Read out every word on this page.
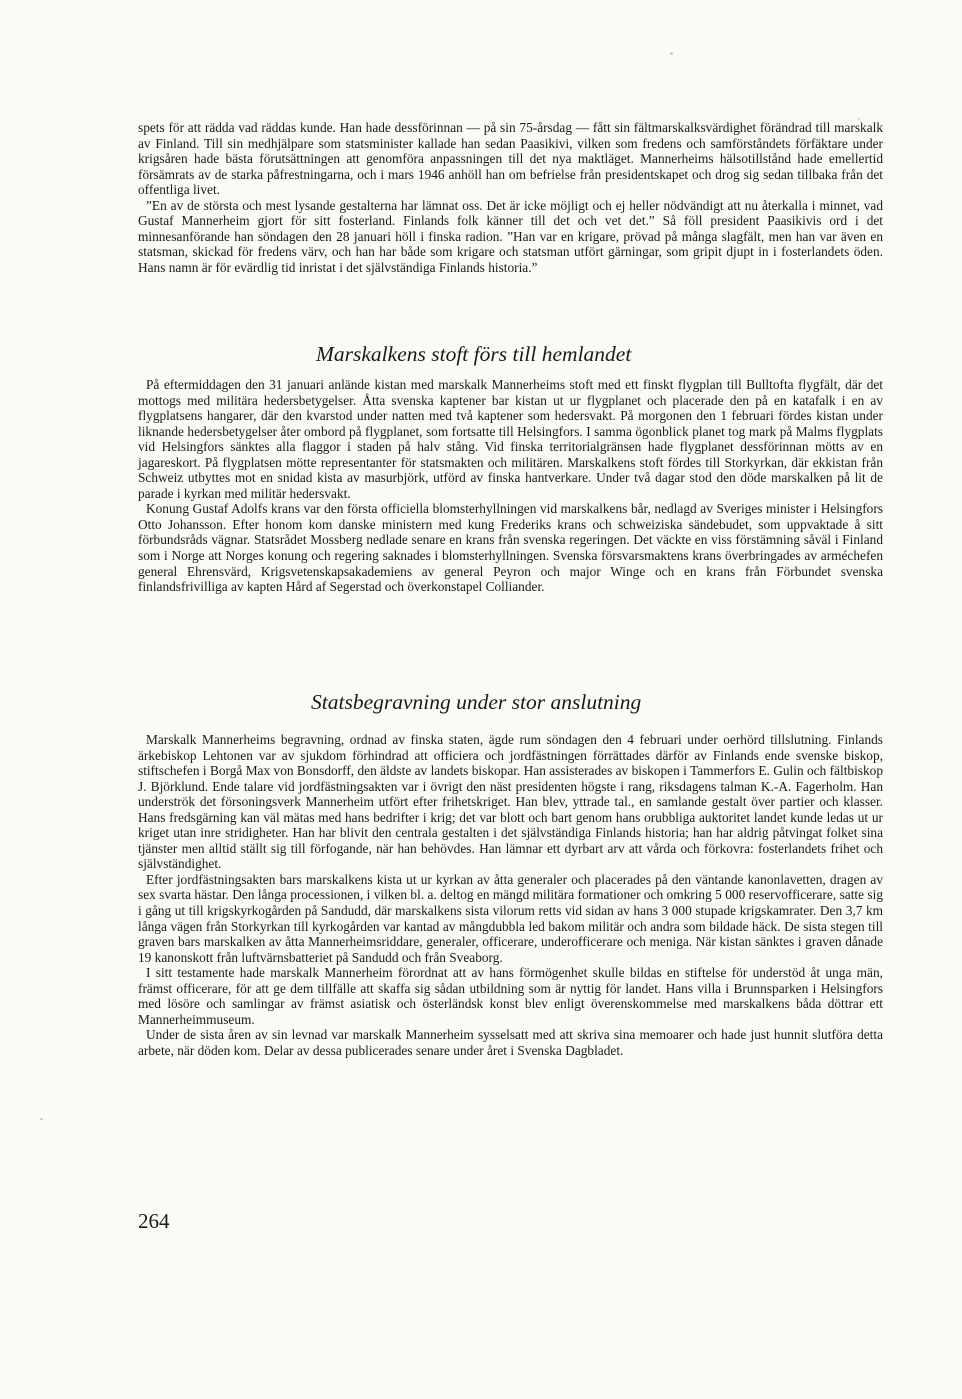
spets för att rädda vad räddas kunde. Han hade dessförinnan — på sin 75-årsdag — fått sin fältmarskalksvärdighet förändrad till marskalk av Finland. Till sin medhjälpare som statsminister kallade han sedan Paasikivi, vilken som fredens och samförståndets förfäktare under krigsåren hade bästa förutsättningen att genomföra anpassningen till det nya maktläget. Mannerheims hälsotillstånd hade emellertid försämrats av de starka påfrestningarna, och i mars 1946 anhöll han om befrielse från presidentskapet och drog sig sedan tillbaka från det offentliga livet.

”En av de största och mest lysande gestalterna har lämnat oss. Det är icke möjligt och ej heller nödvändigt att nu återkalla i minnet, vad Gustaf Mannerheim gjort för sitt fosterland. Finlands folk känner till det och vet det.” Så föll president Paasikivis ord i det minnesanförande han söndagen den 28 januari höll i finska radion. ”Han var en krigare, prövad på många slagfält, men han var även en statsman, skickad för fredens värv, och han har både som krigare och statsman utfört gärningar, som gripit djupt in i fosterlandets öden. Hans namn är för evärdlig tid inristat i det självständiga Finlands historia.”

Marskalkens stoft förs till hemlandet

På eftermiddagen den 31 januari anlände kistan med marskalk Mannerheims stoft med ett finskt flygplan till Bulltofta flygfält, där det mottogs med militära hedersbetygelser. Åtta svenska kaptener bar kistan ut ur flygplanet och placerade den på en katafalk i en av flygplatsens hangarer, där den kvarstod under natten med två kaptener som hedersvakt. På morgonen den 1 februari fördes kistan under liknande hedersbetygelser åter ombord på flygplanet, som fortsatte till Helsingfors. I samma ögonblick planet tog mark på Malms flygplats vid Helsingfors sänktes alla flaggor i staden på halv stång. Vid finska territorialgränsen hade flygplanet dessförinnan mötts av en jagareskort. På flygplatsen mötte representanter för statsmakten och militären. Marskalkens stoft fördes till Storkyrkan, där ekkistan från Schweiz utbyttes mot en snidad kista av masurbjörk, utförd av finska hantverkare. Under två dagar stod den döde marskalken på lit de parade i kyrkan med militär hedersvakt.

Konung Gustaf Adolfs krans var den första officiella blomsterhyllningen vid marskalkens bår, nedlagd av Sveriges minister i Helsingfors Otto Johansson. Efter honom kom danske ministern med kung Frederiks krans och schweiziska sändebudet, som uppvaktade å sitt förbundsråds vägnar. Statsrådet Mossberg nedlade senare en krans från svenska regeringen. Det väckte en viss förstämning såväl i Finland som i Norge att Norges konung och regering saknades i blomsterhyllningen. Svenska försvarsmaktens krans överbringades av arméchefen general Ehrensvärd, Krigsvetenskapsakademiens av general Peyron och major Winge och en krans från Förbundet svenska finlandsfrivilliga av kapten Hård af Segerstad och överkonstapel Colliander.

Statsbegravning under stor anslutning

Marskalk Mannerheims begravning, ordnad av finska staten, ägde rum söndagen den 4 februari under oerhörd tillslutning. Finlands ärkebiskop Lehtonen var av sjukdom förhindrad att officiera och jordfästningen förrättades därför av Finlands ende svenske biskop, stiftschefen i Borgå Max von Bonsdorff, den äldste av landets biskopar. Han assisterades av biskopen i Tammerfors E. Gulin och fältbiskop J. Björklund. Ende talare vid jordfästningsakten var i övrigt den näst presidenten högste i rang, riksdagens talman K.-A. Fagerholm. Han underströk det försoningsverk Mannerheim utfört efter frihetskriget. Han blev, yttrade tal., en samlande gestalt över partier och klasser. Hans fredsgärning kan väl mätas med hans bedrifter i krig; det var blott och bart genom hans orubbliga auktoritet landet kunde ledas ut ur kriget utan inre stridigheter. Han har blivit den centrala gestalten i det självständiga Finlands historia; han har aldrig påtvingat folket sina tjänster men alltid ställt sig till förfogande, när han behövdes. Han lämnar ett dyrbart arv att vårda och förkovra: fosterlandets frihet och självständighet.

Efter jordfästningsakten bars marskalkens kista ut ur kyrkan av åtta generaler och placerades på den väntande kanonlavetten, dragen av sex svarta hästar. Den långa processionen, i vilken bl. a. deltog en mängd militära formationer och omkring 5 000 reservofficerare, satte sig i gång ut till krigskyrkogården på Sandudd, där marskalkens sista vilorum retts vid sidan av hans 3 000 stupade krigskamrater. Den 3,7 km långa vägen från Storkyrkan till kyrkogården var kantad av mångdubbla led bakom militär och andra som bildade häck. De sista stegen till graven bars marskalken av åtta Mannerheimsriddare, generaler, officerare, underofficerare och meniga. När kistan sänktes i graven dånade 19 kanonskott från luftvärnsbatteriet på Sandudd och från Sveaborg.

I sitt testamente hade marskalk Mannerheim förordnat att av hans förmögenhet skulle bildas en stiftelse för understöd åt unga män, främst officerare, för att ge dem tillfälle att skaffa sig sådan utbildning som är nyttig för landet. Hans villa i Brunnsparken i Helsingfors med lösöre och samlingar av främst asiatisk och österländsk konst blev enligt överenskommelse med marskalkens båda döttrar ett Mannerheimmuseum.

Under de sista åren av sin levnad var marskalk Mannerheim sysselsatt med att skriva sina memoarer och hade just hunnit slutföra detta arbete, när döden kom. Delar av dessa publicerades senare under året i Svenska Dagbladet.

264
